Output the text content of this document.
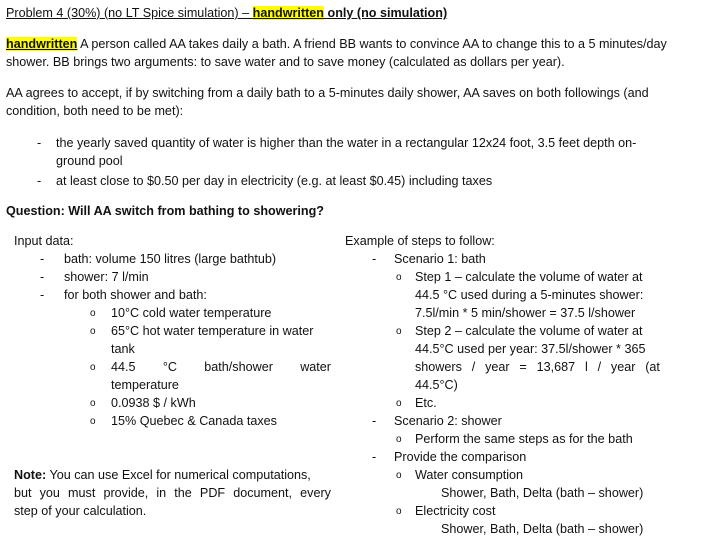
Problem 4 (30%) (no LT Spice simulation) – handwritten only (no simulation)
handwritten A person called AA takes daily a bath. A friend BB wants to convince AA to change this to a 5 minutes/day
shower. BB brings two arguments: to save water and to save money (calculated as dollars per year).
AA agrees to accept, if by switching from a daily bath to a 5-minutes daily shower, AA saves on both followings (and
condition, both need to be met):
- the yearly saved quantity of water is higher than the water in a rectangular 12x24 foot, 3.5 feet depth on-
ground pool
- at least close to $0.50 per day in electricity (e.g. at least $0.45) including taxes
Question: Will AA switch from bathing to showering?
Input data:
- bath: volume 150 litres (large bathtub)
- shower: 7 l/min
- for both shower and bath:
o 10°C cold water temperature
o 65°C hot water temperature in water
tank
o 44.5 °C bath/shower water
temperature
o 0.0938 $ / kWh
o 15% Quebec & Canada taxes
Note: You can use Excel for numerical computations,
but you must provide, in the PDF document, every
step of your calculation.
Example of steps to follow:
- Scenario 1: bath
o Step 1 – calculate the volume of water at
44.5 °C used during a 5-minutes shower:
7.5l/min * 5 min/shower = 37.5 l/shower
o Step 2 – calculate the volume of water at
44.5°C used per year: 37.5l/shower * 365
showers / year = 13,687 l / year (at
44.5°C)
o Etc.
- Scenario 2: shower
o Perform the same steps as for the bath
- Provide the comparison
o Water consumption
Shower, Bath, Delta (bath – shower)
o Electricity cost
Shower, Bath, Delta (bath – shower)
